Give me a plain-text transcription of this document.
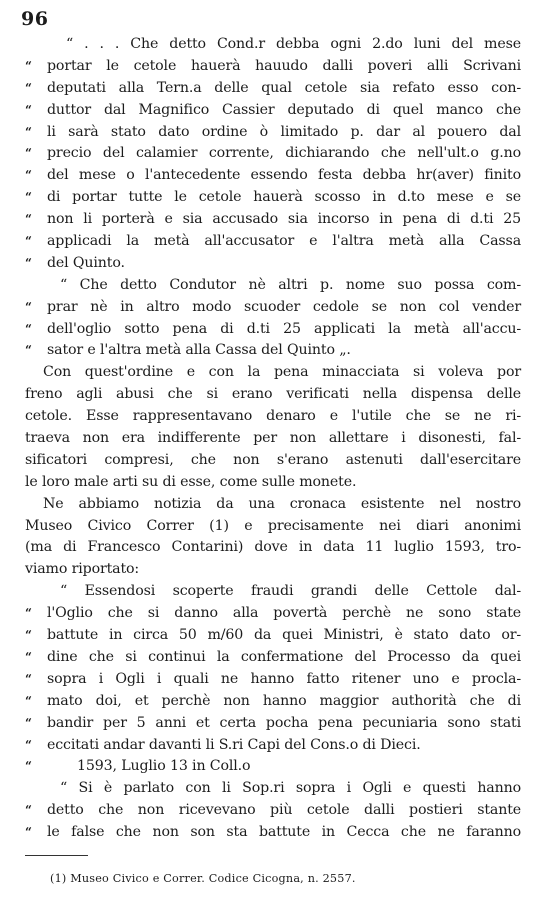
96
“ . . . Che detto Cond.r debba ogni 2.do luni del mese
“ portar le cetole hauerà hauudo dalli poveri alli Scrivani
“ deputati alla Tern.a delle qual cetole sia refato esso con-
“ duttor dal Magnifico Cassier deputado di quel manco che
“ li sarà stato dato ordine ò limitado p. dar al pouero dal
“ precio del calamier corrente, dichiarando che nell'ult.o g.no
“ del mese o l'antecedente essendo festa debba hr(aver) finito
“ di portar tutte le cetole hauerà scosso in d.to mese e se
“ non li porterà e sia accusado sia incorso in pena di d.ti 25
“ applicadi la metà all'accusator e l'altra metà alla Cassa
“ del Quinto.
“ Che detto Condutor nè altri p. nome suo possa com-
“ prar nè in altro modo scuoder cedole se non col vender
“ dell'oglio sotto pena di d.ti 25 applicati la metà all'accu-
“ sator e l'altra metà alla Cassa del Quinto „.
Con quest'ordine e con la pena minacciata si voleva por
freno agli abusi che si erano verificati nella dispensa delle
cetole. Esse rappresentavano denaro e l'utile che se ne ri-
traeva non era indifferente per non allettare i disonesti, fal-
sificatori compresi, che non s'erano astenuti dall'esercitare
le loro male arti su di esse, come sulle monete.
Ne abbiamo notizia da una cronaca esistente nel nostro
Museo Civico Correr (1) e precisamente nei diari anonimi
(ma di Francesco Contarini) dove in data 11 luglio 1593, tro-
viamo riportato:
“ Essendosi scoperte fraudi grandi delle Cettole dal-
“ l'Oglio che si danno alla povertà perchè ne sono state
“ battute in circa 50 m/60 da quei Ministri, è stato dato or-
“ dine che si continui la confermatione del Processo da quei
“ sopra i Ogli i quali ne hanno fatto ritener uno e procla-
“ mato doi, et perchè non hanno maggior authorità che di
“ bandir per 5 anni et certa pocha pena pecuniaria sono stati
“ eccitati andar davanti li S.ri Capi del Cons.o di Dieci.
“	1593, Luglio 13 in Coll.o
“ Si è parlato con li Sop.ri sopra i Ogli e questi hanno
“ detto che non ricevevano più cetole dalli postieri stante
“ le false che non son sta battute in Cecca che ne faranno
(1) Museo Civico e Correr. Codice Cicogna, n. 2557.
